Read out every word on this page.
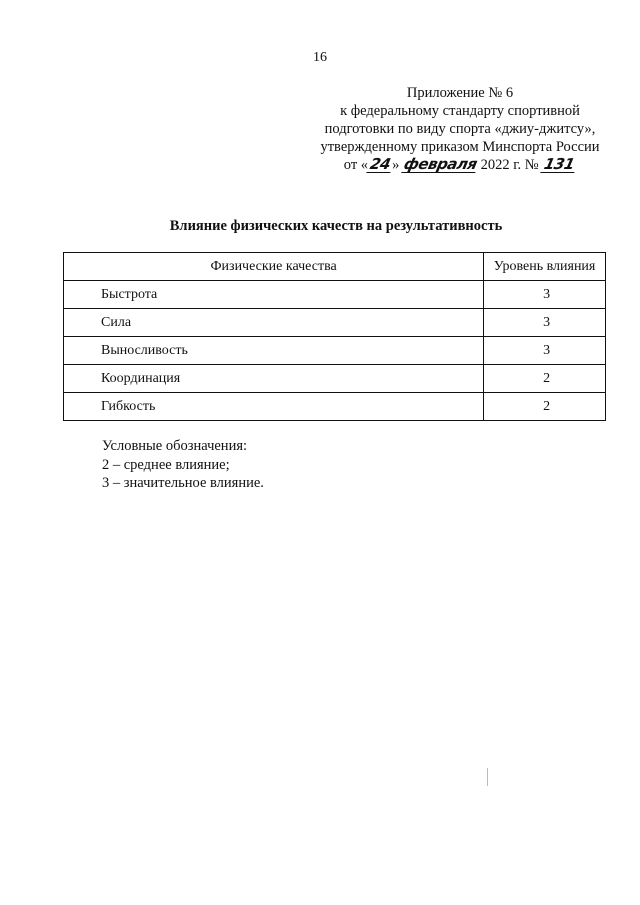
16
Приложение № 6
к федеральному стандарту спортивной
подготовки по виду спорта «джиу-джитсу»,
утвержденному приказом Минспорта России
от «24» февраля 2022 г. № 131
Влияние физических качеств на результативность
Физические качества	Уровень влияния
Быстрота	3
Сила	3
Выносливость	3
Координация	2
Гибкость	2
Условные обозначения:
2 – среднее влияние;
3 – значительное влияние.
